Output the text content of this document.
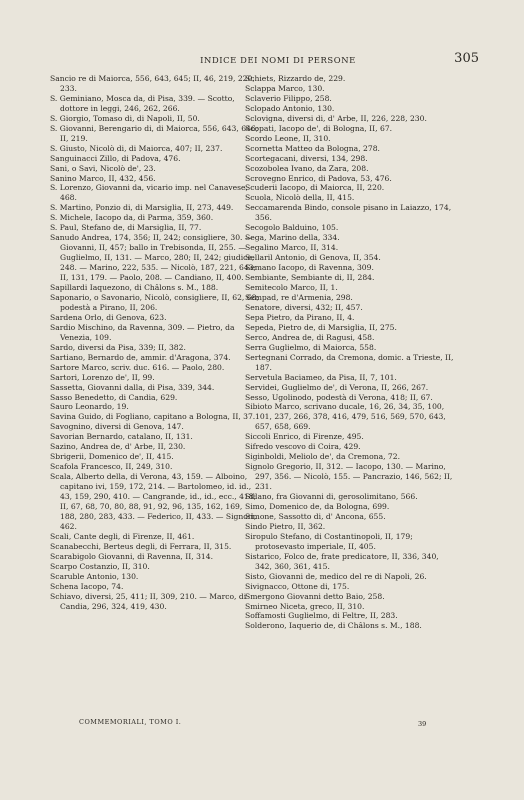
INDICE DEI NOMI DI PERSONE	305

Sancio re di Maiorca, 556, 643, 645; II, 46, 219, 220, 233.

S. Geminiano, Mosca da, di Pisa, 339. — Scotto, dottore in leggi, 246, 262, 266.

S. Giorgio, Tomaso di, di Napoli, II, 50.

S. Giovanni, Berengario di, di Maiorca, 556, 643, 646; II, 219.

S. Giusto, Nicolò di, di Maiorca, 407; II, 237.

Sanguinacci Zillo, di Padova, 476.

Sani, o Savi, Nicolò de', 23.

Sanino Marco, II, 432, 456.

S. Lorenzo, Giovanni da, vicario imp. nel Canavese, 468.

S. Martino, Ponzio di, di Marsiglia, II, 273, 449.

S. Michele, Iacopo da, di Parma, 359, 360.

S. Paul, Stefano de, di Marsiglia, II, 77.

Sanudo Andrea, 174, 356; II, 242; consigliere, 30. — Giovanni, II, 457; ballo in Trebisonda, II, 255. — Guglielmo, II, 131. — Marco, 280; II, 242; giudice, 248. — Marino, 222, 535. — Nicolò, 187, 221, 643; II, 131, 179. — Paolo, 208. — Candiano, II, 400.

Sapillardi Iaquezono, di Châlons s. M., 188.

Saponario, o Savonario, Nicolò, consigliere, II, 62, 68; podestà a Pirano, II, 206.

Sardena Orlo, di Genova, 623.

Sardio Mischino, da Ravenna, 309. — Pietro, da Venezia, 109.

Sardo, diversi da Pisa, 339; II, 382.

Sartiano, Bernardo de, ammir. d'Aragona, 374.

Sartore Marco, scriv. duc. 616. — Paolo, 280.

Sartori, Lorenzo de', II, 99.

Sassetta, Giovanni dalla, di Pisa, 339, 344.

Sasso Benedetto, di Candia, 629.

Sauro Leonardo, 19.

Savina Guido, di Fogliano, capitano a Bologna, II, 37.

Savognino, diversi di Genova, 147.

Savorian Bernardo, catalano, II, 131.

Sazino, Andrea de, d' Arbe, II, 230.

Sbrigerii, Domenico de', II, 415.

Scafola Francesco, II, 249, 310.

Scala, Alberto della, di Verona, 43, 159. — Alboino, capitano ivi, 159, 172, 214. — Bartolomeo, id. id., 43, 159, 290, 410. — Cangrande, id., id., ecc., 418; II, 67, 68, 70, 80, 88, 91, 92, 96, 135, 162, 169, 188, 280, 283, 433. — Federico, II, 433. — Signori, 462.

Scali, Cante degli, di Firenze, II, 461.

Scanabecchi, Berteus degli, di Ferrara, II, 315.

Scarabigolo Giovanni, di Ravenna, II, 314.

Scarpo Costanzio, II, 310.

Scaruble Antonio, 130.

Schena Iacopo, 74.

Schiavo, diversi, 25, 411; II, 309, 210. — Marco, di Candia, 296, 324, 419, 430.

Schiets, Rizzardo de, 229.

Sclappa Marco, 130.

Sclaverio Filippo, 258.

Sclopado Antonio, 130.

Sclovigna, diversi di, d' Arbe, II, 226, 228, 230.

Scopati, Iacopo de', di Bologna, II, 67.

Scordo Leone, II, 310.

Scornetta Matteo da Bologna, 278.

Scortegacani, diversi, 134, 298.

Scozobolea Ivano, da Zara, 208.

Scrovegno Enrico, di Padova, 53, 476.

Scuderii Iacopo, di Maiorca, II, 220.

Scuola, Nicolò della, II, 415.

Seccamarenda Bindo, console pisano in Laiazzo, 174, 356.

Secogolo Balduino, 105.

Sega, Marino della, 334.

Segalino Marco, II, 314.

Sellaril Antonio, di Genova, II, 354.

Semano Iacopo, di Ravenna, 309.

Sembiante, Sembiante di, II, 284.

Semitecolo Marco, II, 1.

Sempad, re d'Armenia, 298.

Senatore, diversi, 432; II, 457.

Sepa Pietro, da Pirano, II, 4.

Sepeda, Pietro de, di Marsiglia, II, 275.

Serco, Andrea de, di Ragusi, 458.

Serra Guglielmo, di Maiorca, 558.

Sertegnani Corrado, da Cremona, domic. a Trieste, II, 187.

Servetula Baciameo, da Pisa, II, 7, 101.

Servidei, Guglielmo de', di Verona, II, 266, 267.

Sesso, Ugolinodo, podestà di Verona, 418; II, 67.

Sibioto Marco, scrivano ducale, 16, 26, 34, 35, 100, 101, 237, 266, 378, 416, 479, 516, 569, 570, 643, 657, 658, 669.

Siccoli Enrico, di Firenze, 495.

Sifredo vescovo di Coira, 429.

Siginboldi, Meliolo de', da Cremona, 72.

Signolo Gregorio, II, 312. — Iacopo, 130. — Marino, 297, 356. — Nicolò, 155. — Pancrazio, 146, 562; II, 231.

Sillano, fra Giovanni di, gerosolimitano, 566.

Simo, Domenico de, da Bologna, 699.

Simone, Sassotto di, d' Ancona, 655.

Sindo Pietro, II, 362.

Siropulo Stefano, di Costantinopoli, II, 179; protosevasto imperiale, II, 405.

Sistarico, Folco de, frate predicatore, II, 336, 340, 342, 360, 361, 415.

Sisto, Giovanni de, medico del re di Napoli, 26.

Sivignacco, Ottone di, 175.

Smergono Giovanni detto Baio, 258.

Smirneo Niceta, greco, II, 310.

Soffamosti Guglielmo, di Feltre, II, 283.

Solderono, Iaquerio de, di Châlons s. M., 188.

COMMEMORIALI, TOMO I.	39
